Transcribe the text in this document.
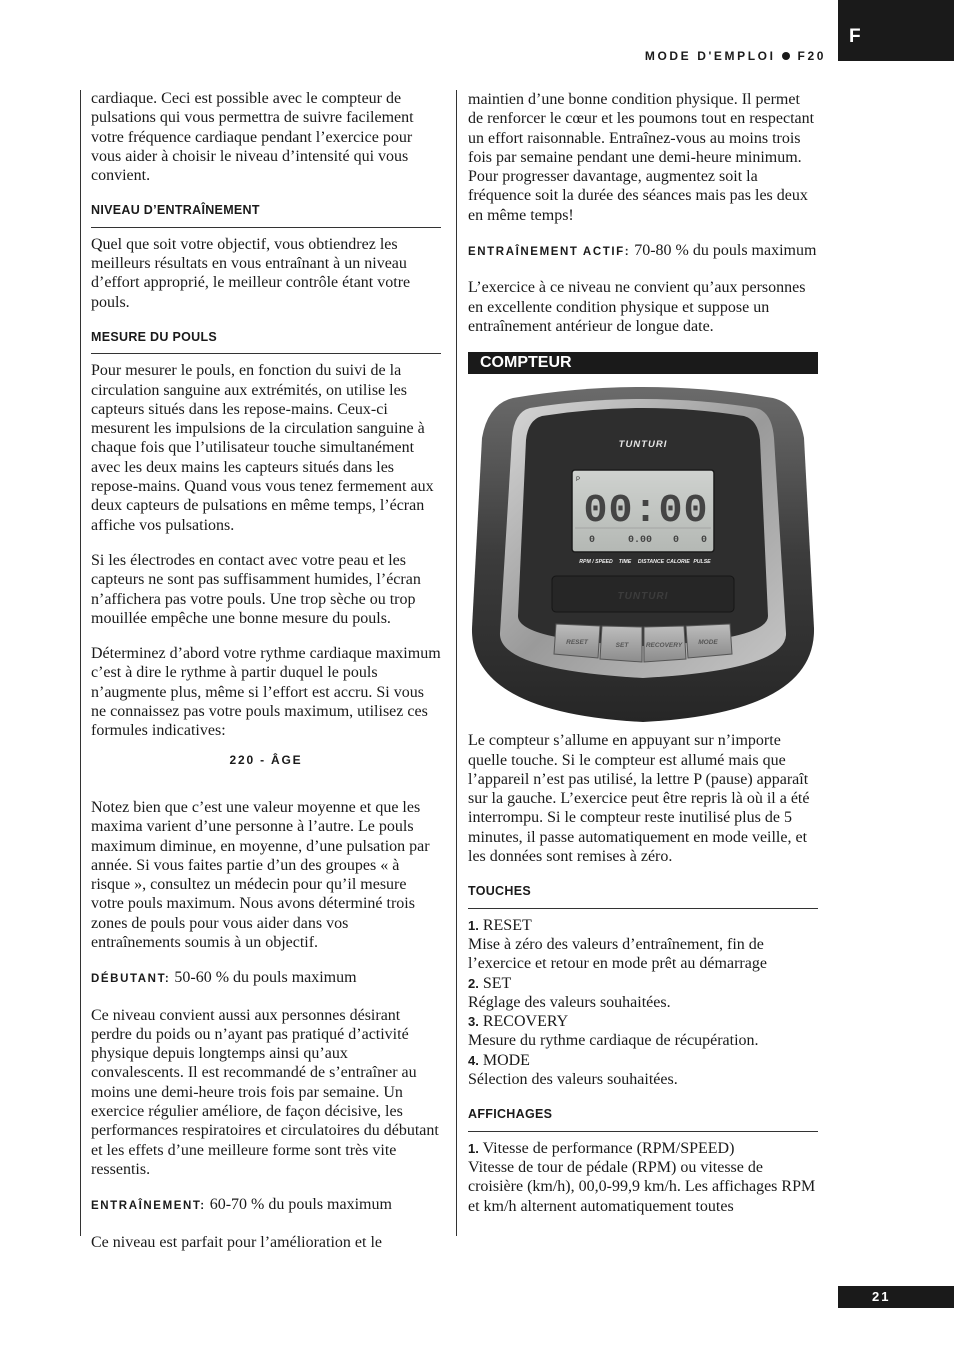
F
MODE D'EMPLOI F20

cardiaque. Ceci est possible avec le compteur de pulsations qui vous permettra de suivre facilement votre fréquence cardiaque pendant l’exercice pour vous aider à choisir le niveau d’intensité qui vous convient.

NIVEAU D’ENTRAÎNEMENT

Quel que soit votre objectif, vous obtiendrez les meilleurs résultats en vous entraînant à un niveau d’effort approprié, le meilleur contrôle étant votre pouls.

MESURE DU POULS

Pour mesurer le pouls, en fonction du suivi de la circulation sanguine aux extrémités, on utilise les capteurs situés dans les repose-mains. Ceux-ci mesurent les impulsions de la circulation sanguine à chaque fois que l’utilisateur touche simultanément avec les deux mains les capteurs situés dans les repose-mains. Quand vous vous tenez fermement aux deux capteurs de pulsations en même temps, l’écran affiche vos pulsations.

Si les électrodes en contact avec votre peau et les capteurs ne sont pas suffisamment humides, l’écran n’affichera pas votre pouls. Une trop sèche ou trop mouillée empêche une bonne mesure du pouls.

Déterminez d’abord votre rythme cardiaque maximum c’est à dire le rythme à partir duquel le pouls n’augmente plus, même si l’effort est accru. Si vous ne connaissez pas votre pouls maximum, utilisez ces formules indicatives:

220 - ÂGE

Notez bien que c’est une valeur moyenne et que les maxima varient d’une personne à l’autre. Le pouls maximum diminue, en moyenne, d’une pulsation par année. Si vous faites partie d’un des groupes « à risque », consultez un médecin pour qu’il mesure votre pouls maximum. Nous avons déterminé trois zones de pouls pour vous aider dans vos entraînements soumis à un objectif.

DÉBUTANT: 50-60 % du pouls maximum

Ce niveau convient aussi aux personnes désirant perdre du poids ou n’ayant pas pratiqué d’activité physique depuis longtemps ainsi qu’aux convalescents. Il est recommandé de s’entraîner au moins une demi-heure trois fois par semaine. Un exercice régulier améliore, de façon décisive, les performances respiratoires et circulatoires du débutant et les effets d’une meilleure forme sont très vite ressentis.

ENTRAÎNEMENT: 60-70 % du pouls maximum

Ce niveau est parfait pour l’amélioration et le

maintien d’une bonne condition physique. Il permet de renforcer le cœur et les poumons tout en respectant un effort raisonnable. Entraînez-vous au moins trois fois par semaine pendant une demi-heure minimum. Pour progresser davantage, augmentez soit la fréquence soit la durée des séances mais pas les deux en même temps!

ENTRAÎNEMENT ACTIF: 70-80 % du pouls maximum

L’exercice à ce niveau ne convient qu’aux personnes en excellente condition physique et suppose un entraînement antérieur de longue date.

COMPTEUR
TUNTURI
P
00:00
0	0.00 0 0
RPM / SPEED TIME DISTANCE CALORIE PULSE
TUNTURI
RESET	SET	RECOVERY MODE

Le compteur s’allume en appuyant sur n’importe quelle touche. Si le compteur est allumé mais que l’appareil n’est pas utilisé, la lettre P (pause) apparaît sur la gauche. L’exercice peut être repris là où il a été interrompu. Si le compteur reste inutilisé plus de 5 minutes, il passe automatiquement en mode veille, et les données sont remises à zéro.

TOUCHES
1. RESET
Mise à zéro des valeurs d’entraînement, fin de l’exercice et retour en mode prêt au démarrage
2. SET
Réglage des valeurs souhaitées.
3. RECOVERY
Mesure du rythme cardiaque de récupération.
4. MODE
Sélection des valeurs souhaitées.
AFFICHAGES
1. Vitesse de performance (RPM/SPEED)
Vitesse de tour de pédale (RPM) ou vitesse de croisière (km/h), 00,0-99,9 km/h. Les affichages RPM et km/h alternent automatiquement toutes
21
